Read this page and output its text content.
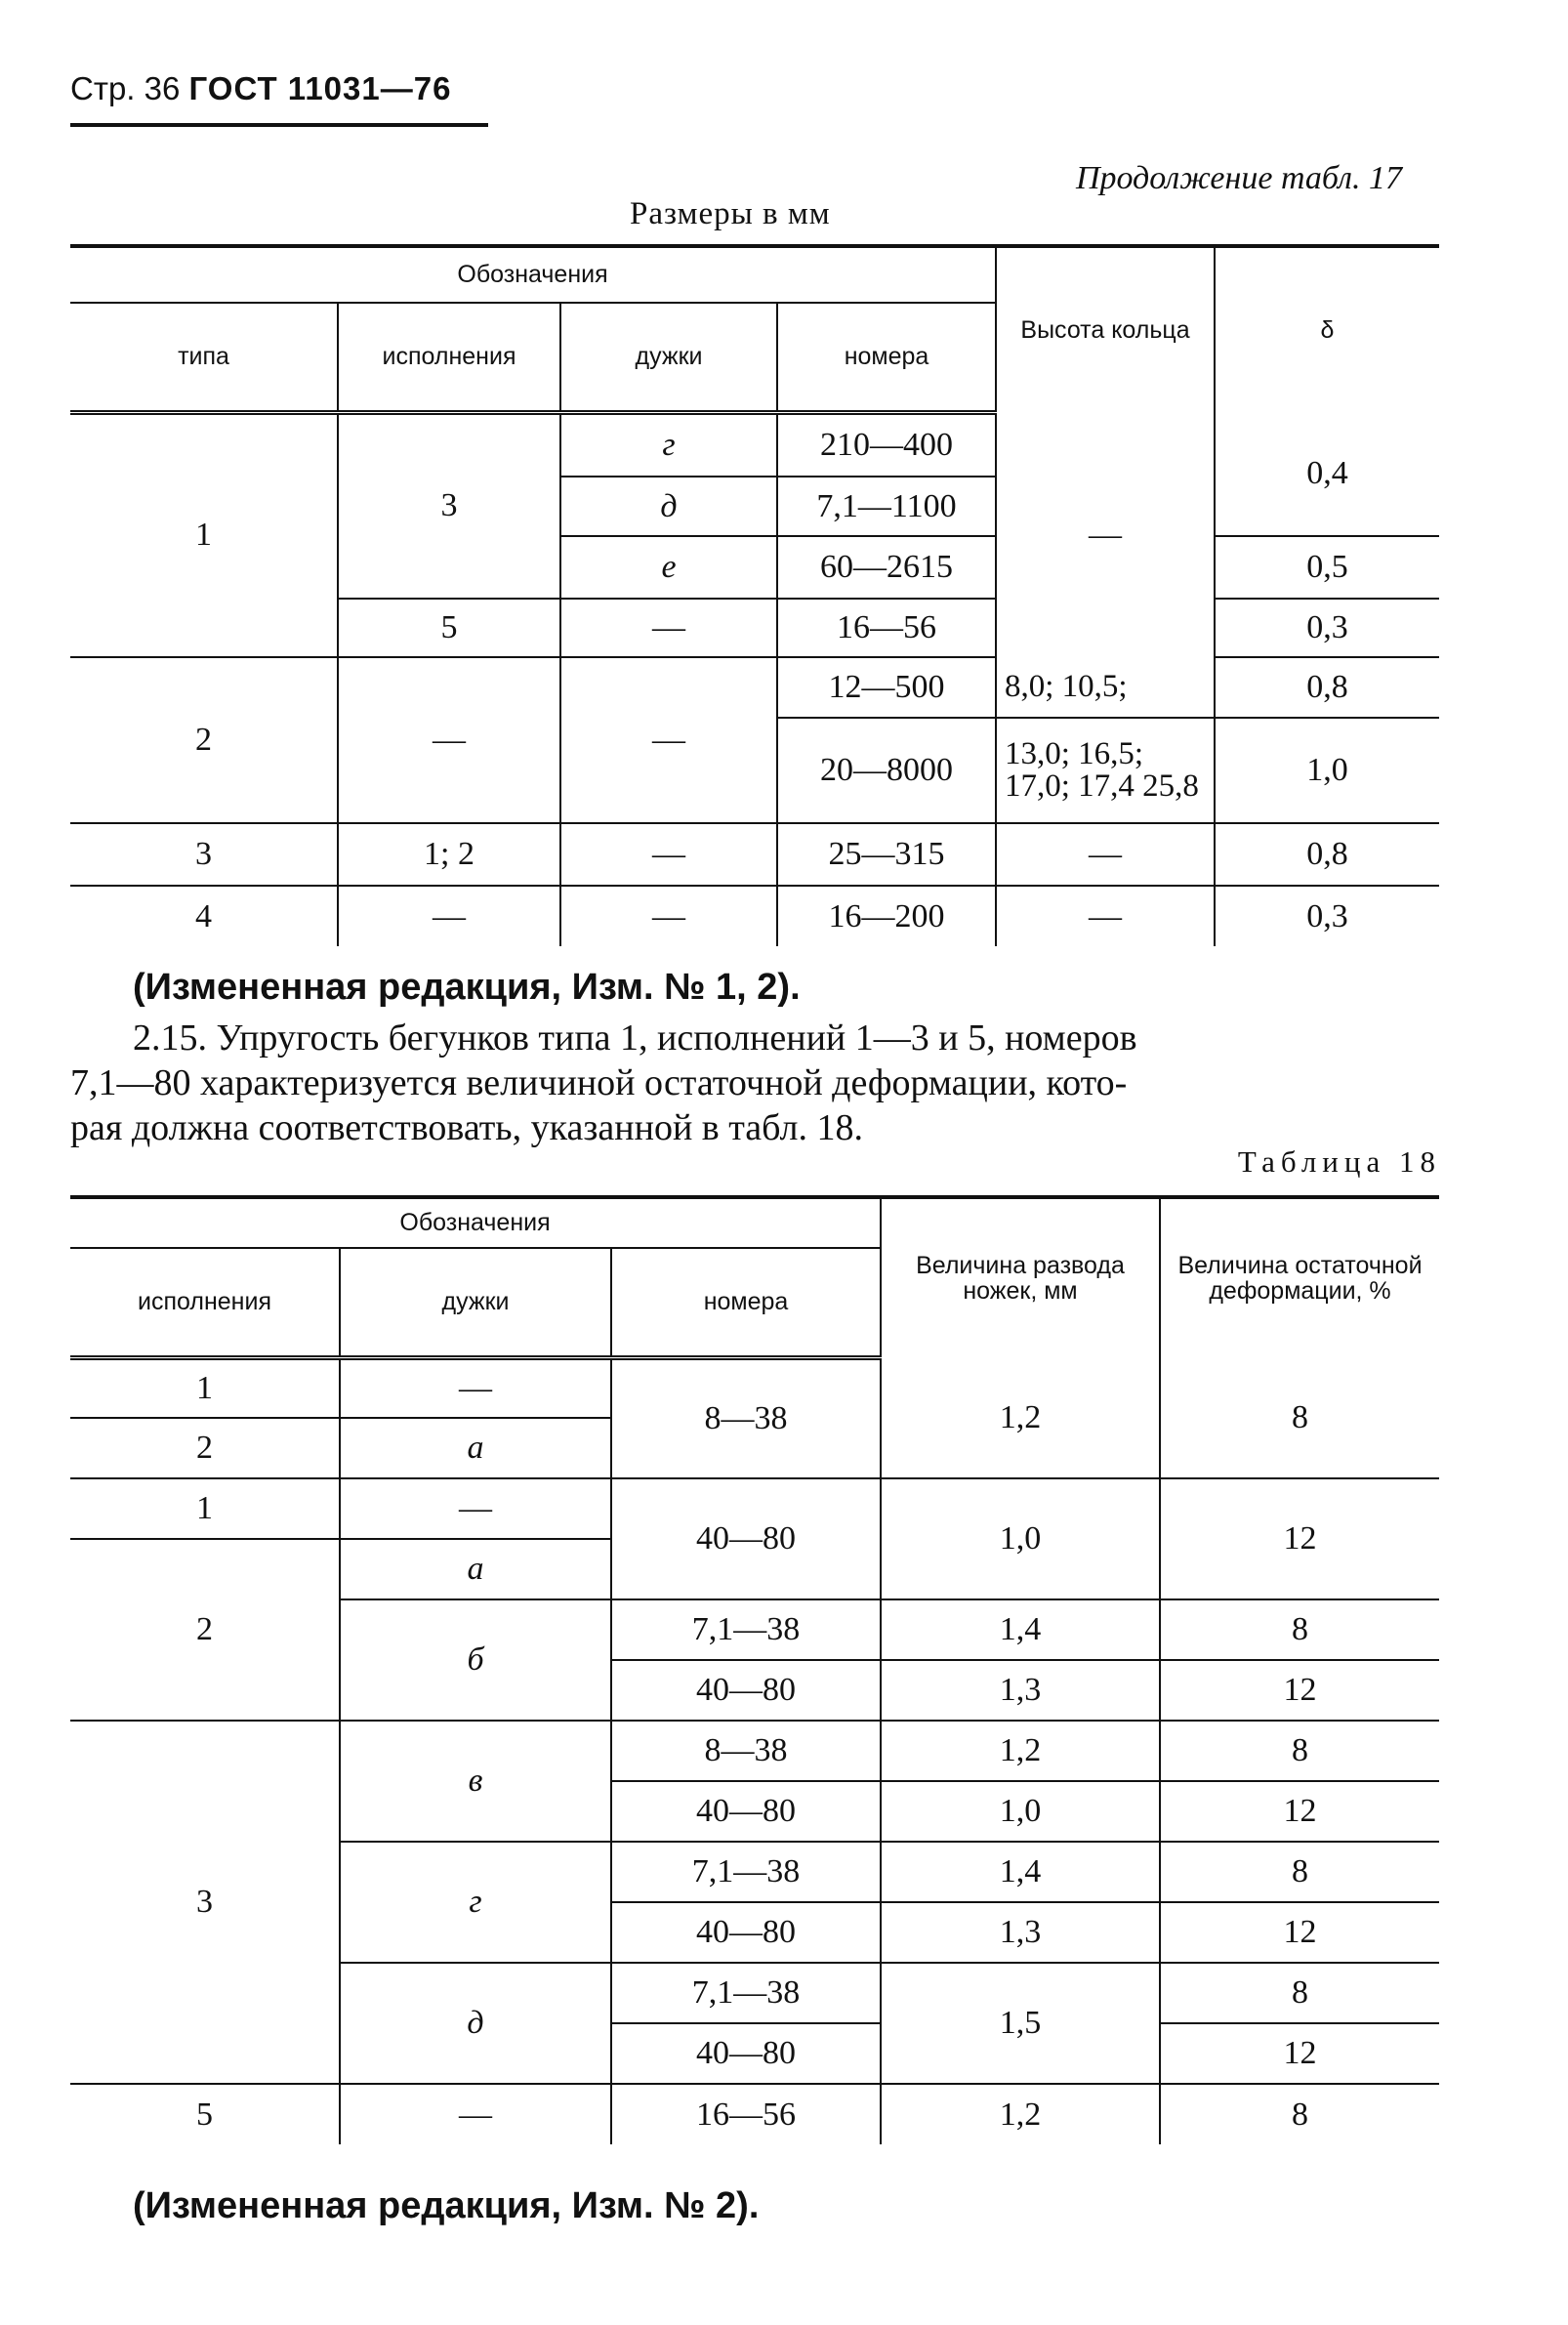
Стр. 36 ГОСТ 11031—76
Продолжение табл. 17
Размеры в мм
Обозначения				Высота кольца	δ
типа	исполнения	дужки	номера		
1	3	г	210—400	—	0,4
		д	7,1—1100		
		е	60—2615		0,5
	5	—	16—56		0,3
2	—	—	12—500	8,0; 10,5;	0,8
			20—8000	13,0; 16,5; 17,0; 17,4 25,8	1,0
3	1; 2	—	25—315	—	0,8
4	—	—	16—200	—	0,3
(Измененная редакция, Изм. № 1, 2).

2.15. Упругость бегунков типа 1, исполнений 1—3 и 5, номеров

7,1—80 характеризуется величиной остаточной деформации, кото-

рая должна соответствовать, указанной в табл. 18.

Таблица 18
Обозначения			Величина развода ножек, мм	Величина остаточной деформации, %
исполнения	дужки	номера		
1	—	8—38	1,2	8
2	а			
1	—	40—80	1,0	12
2	а			
	б	7,1—38	1,4	8
		40—80	1,3	12
3	в	8—38	1,2	8
		40—80	1,0	12
	г	7,1—38	1,4	8
		40—80	1,3	12
	д	7,1—38	1,5	8
		40—80		12
5	—	16—56	1,2	8
(Измененная редакция, Изм. № 2).
